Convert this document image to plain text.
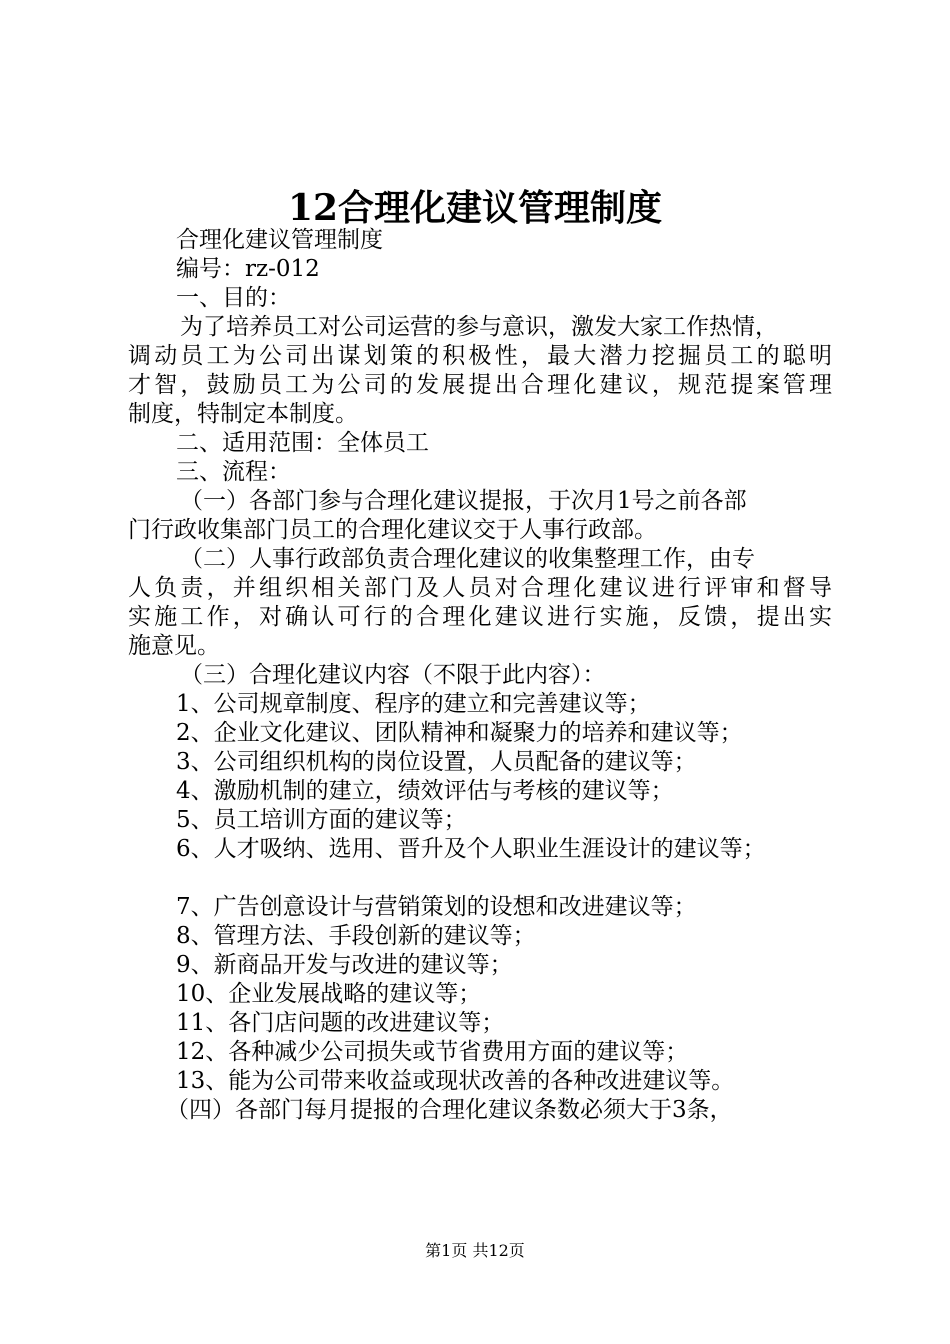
12合理化建议管理制度
合理化建议管理制度
编号：rz-012
一、目的：
为了培养员工对公司运营的参与意识，激发大家工作热情，
调动员工为公司出谋划策的积极性，最大潜力挖掘员工的聪明
才智，鼓励员工为公司的发展提出合理化建议，规范提案管理
制度，特制定本制度。
二、适用范围：全体员工
三、流程：
（一）各部门参与合理化建议提报，于次月1号之前各部
门行政收集部门员工的合理化建议交于人事行政部。
（二）人事行政部负责合理化建议的收集整理工作，由专
人负责，并组织相关部门及人员对合理化建议进行评审和督导
实施工作，对确认可行的合理化建议进行实施，反馈，提出实
施意见。
（三）合理化建议内容（不限于此内容）：
1、公司规章制度、程序的建立和完善建议等；
2、企业文化建议、团队精神和凝聚力的培养和建议等；
3、公司组织机构的岗位设置，人员配备的建议等；
4、激励机制的建立，绩效评估与考核的建议等；
5、员工培训方面的建议等；
6、人才吸纳、选用、晋升及个人职业生涯设计的建议等；
7、广告创意设计与营销策划的设想和改进建议等；
8、管理方法、手段创新的建议等；
9、新商品开发与改进的建议等；
10、企业发展战略的建议等；
11、各门店问题的改进建议等；
12、各种减少公司损失或节省费用方面的建议等；
13、能为公司带来收益或现状改善的各种改进建议等。
（四）各部门每月提报的合理化建议条数必须大于3条，
第1页 共12页
